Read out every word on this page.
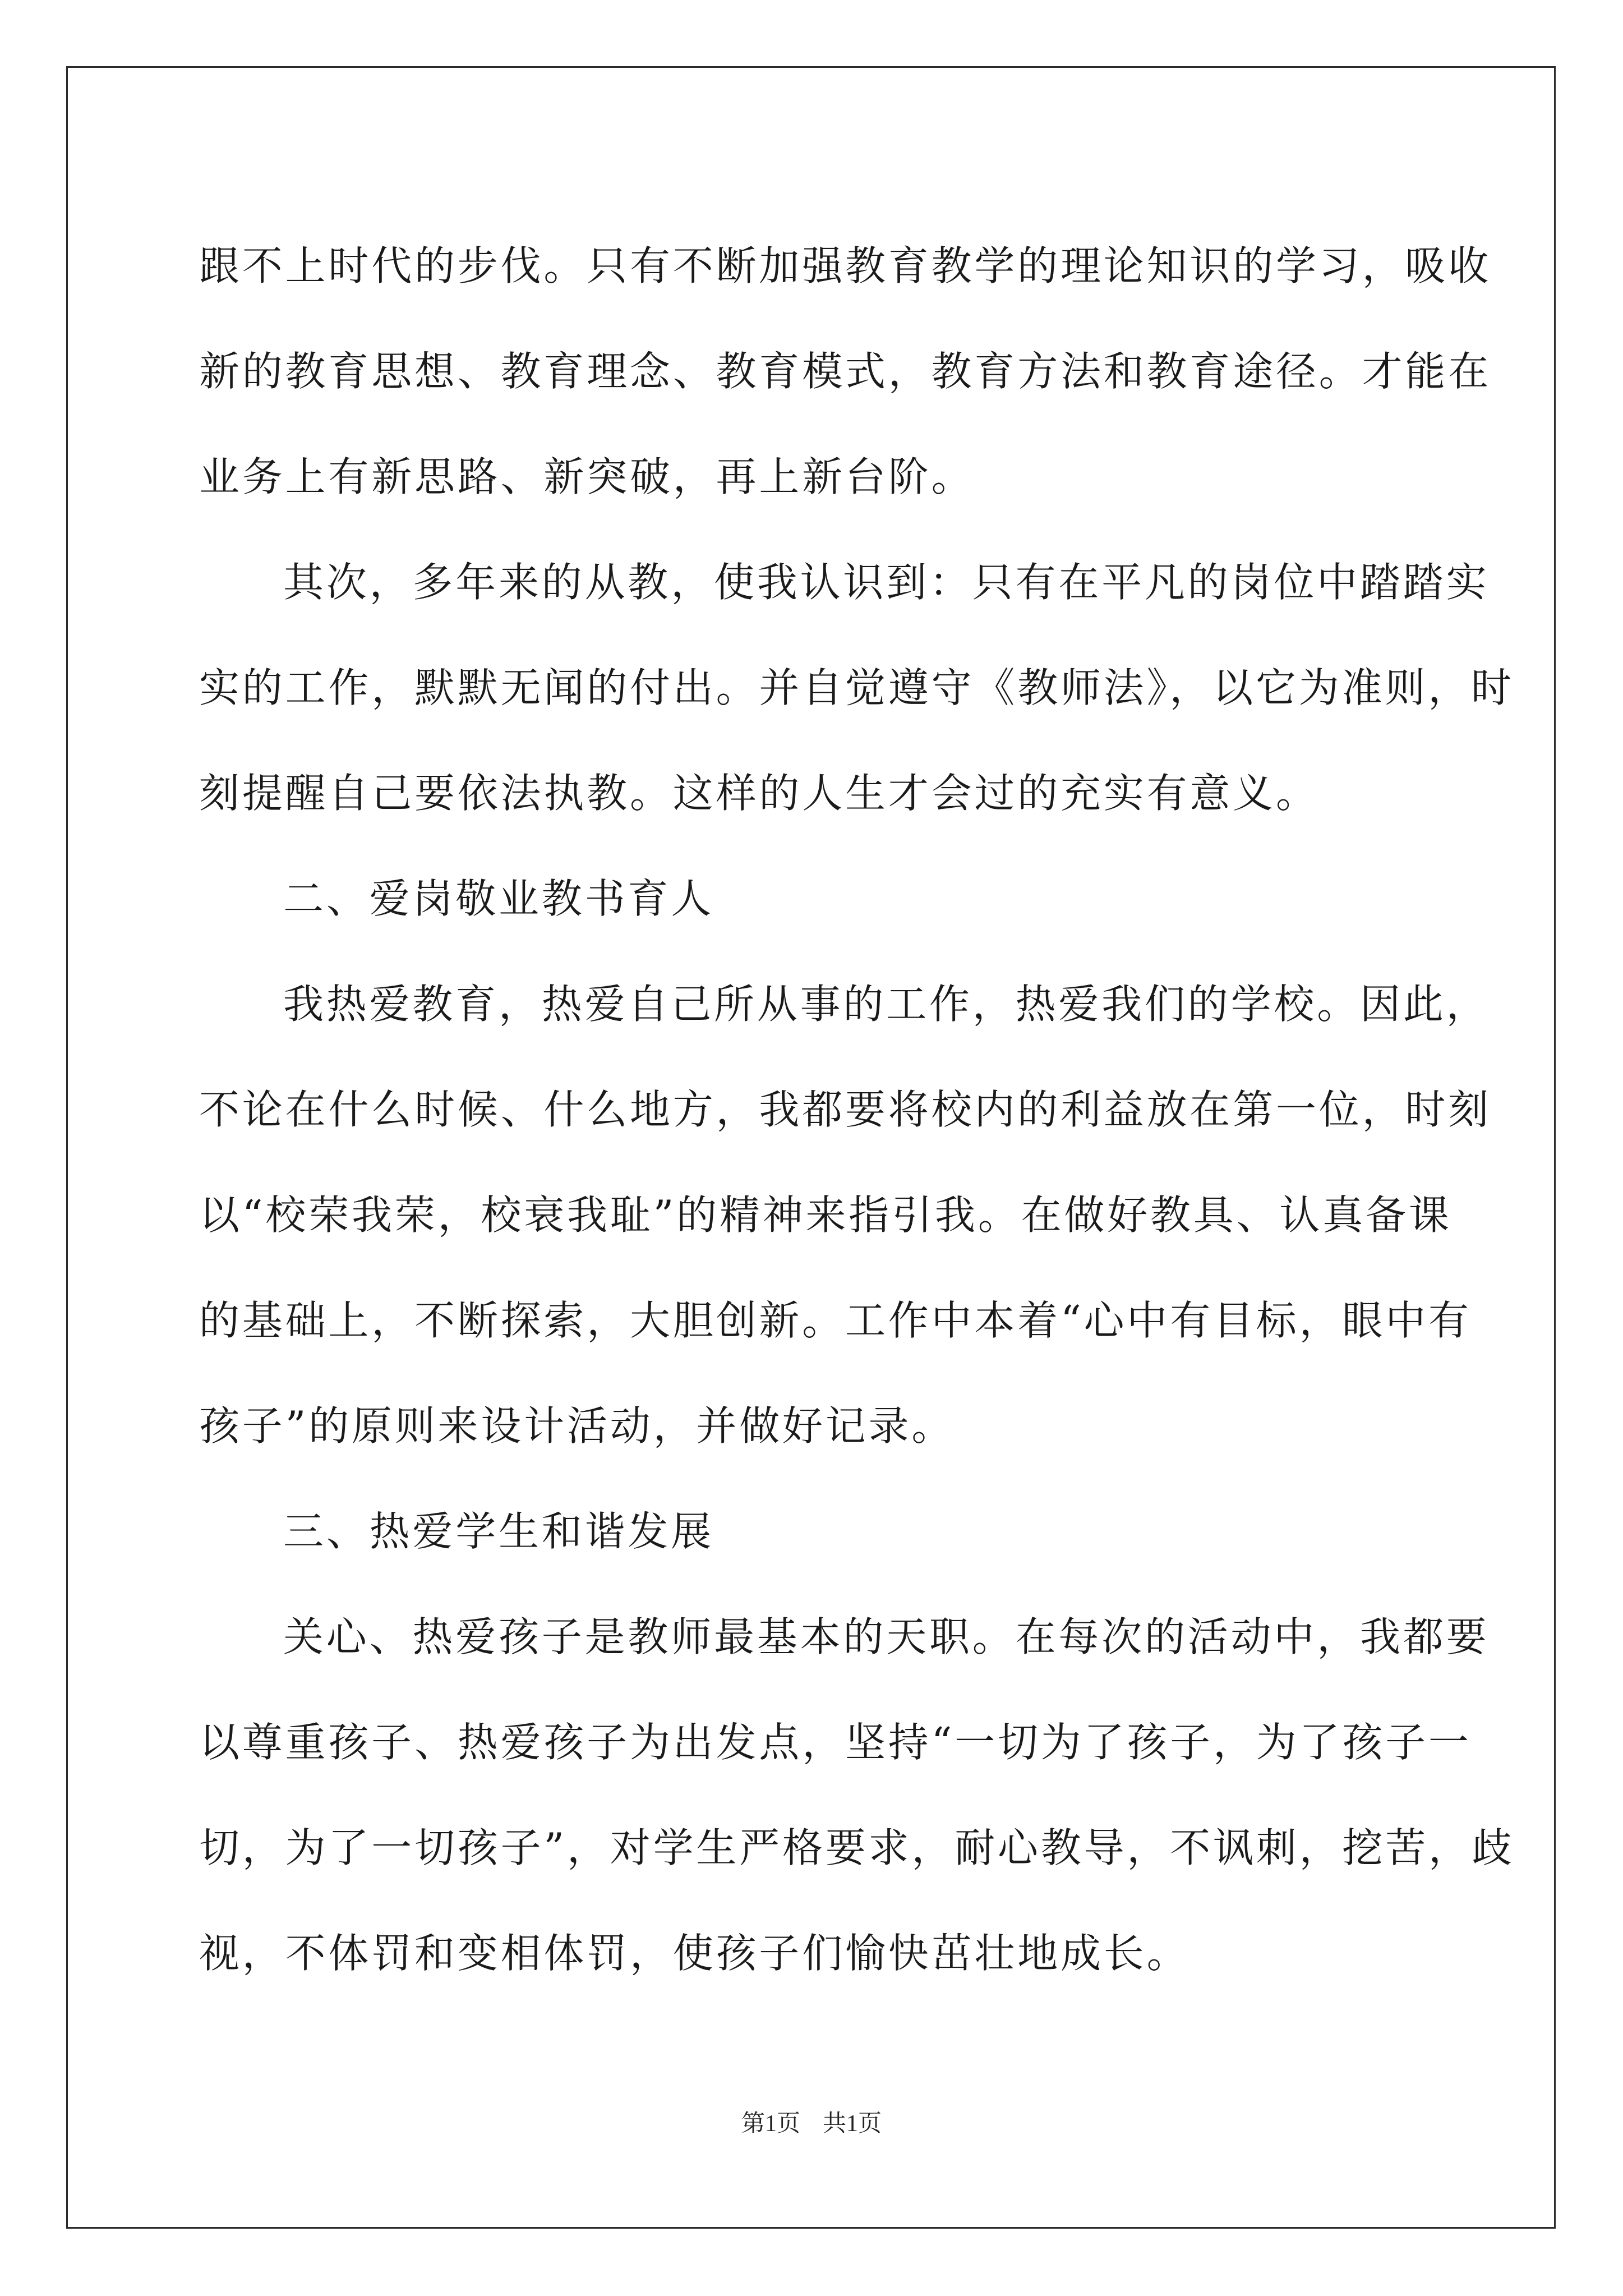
跟不上时代的步伐。只有不断加强教育教学的理论知识的学习，吸收
新的教育思想、教育理念、教育模式，教育方法和教育途径。才能在
业务上有新思路、新突破，再上新台阶。
其次，多年来的从教，使我认识到：只有在平凡的岗位中踏踏实
实的工作，默默无闻的付出。并自觉遵守《教师法》，以它为准则，时
刻提醒自己要依法执教。这样的人生才会过的充实有意义。
二、爱岗敬业教书育人
我热爱教育，热爱自己所从事的工作，热爱我们的学校。因此，
不论在什么时候、什么地方，我都要将校内的利益放在第一位，时刻
以“校荣我荣，校衰我耻”的精神来指引我。在做好教具、认真备课
的基础上，不断探索，大胆创新。工作中本着“心中有目标，眼中有
孩子”的原则来设计活动，并做好记录。
三、热爱学生和谐发展
关心、热爱孩子是教师最基本的天职。在每次的活动中，我都要
以尊重孩子、热爱孩子为出发点，坚持“一切为了孩子，为了孩子一
切，为了一切孩子”，对学生严格要求，耐心教导，不讽刺，挖苦，歧
视，不体罚和变相体罚，使孩子们愉快茁壮地成长。
第1页 共1页
